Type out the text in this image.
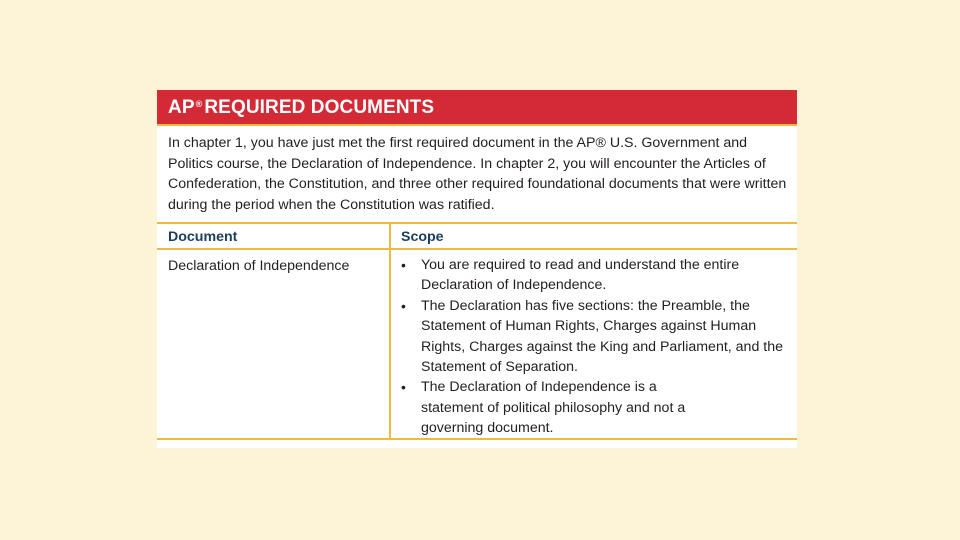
AP® REQUIRED DOCUMENTS

In chapter 1, you have just met the first required document in the AP® U.S. Government and Politics course, the Declaration of Independence. In chapter 2, you will encounter the Articles of Confederation, the Constitution, and three other required foundational documents that were written during the period when the Constitution was ratified.

Document	Scope
Declaration of Independence	• You are required to read and understand the entire Declaration of Independence.
• The Declaration has five sections: the Preamble, the Statement of Human Rights, Charges against Human Rights, Charges against the King and Parliament, and the Statement of Separation.
• The Declaration of Independence is a statement of political philosophy and not a governing document.
